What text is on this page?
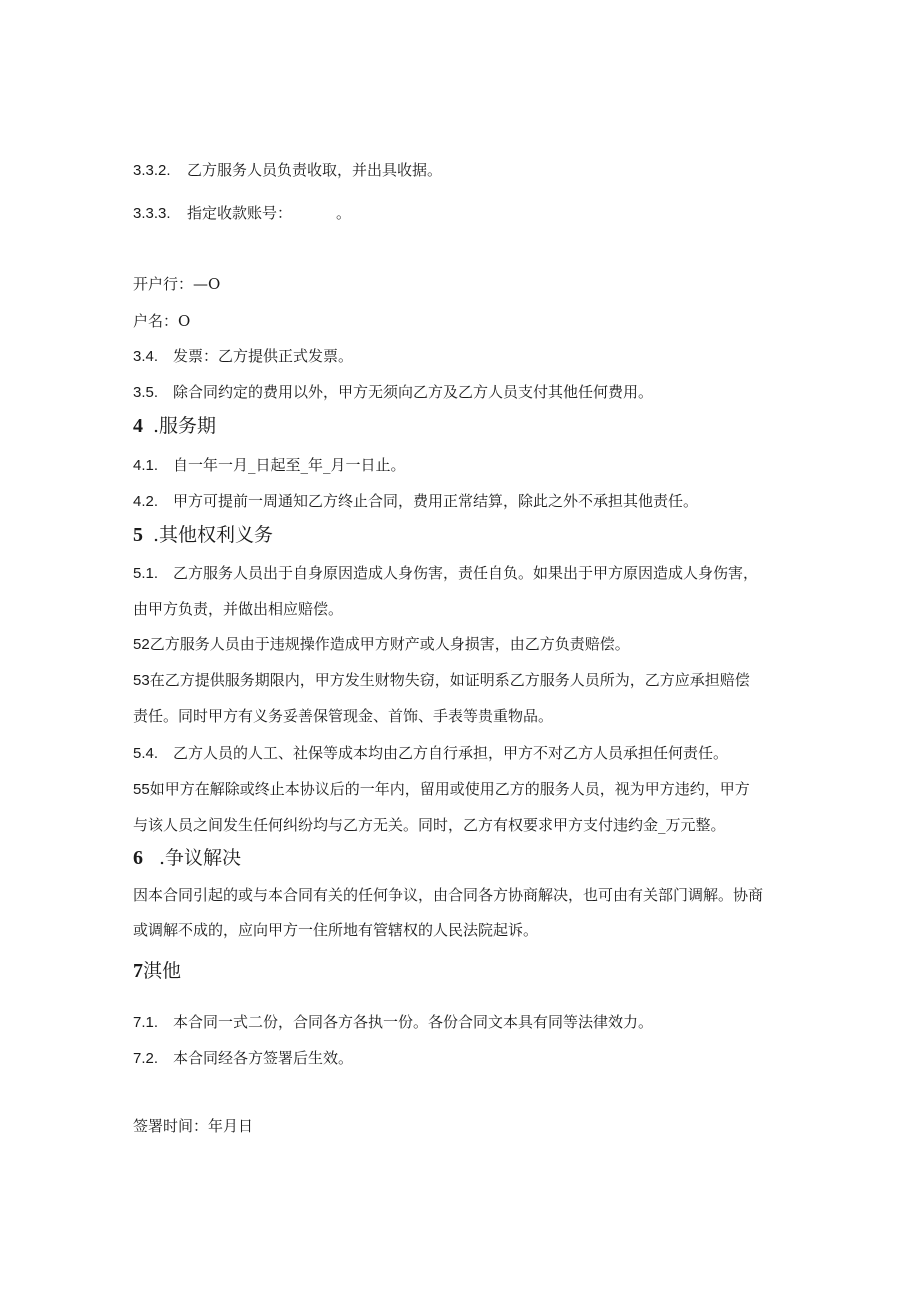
3.3.2. 乙方服务人员负责收取，并出具收据。
3.3.3. 指定收款账号：	。
开户行：—O
户名：O
3.4. 发票：乙方提供正式发票。
3.5. 除合同约定的费用以外，甲方无须向乙方及乙方人员支付其他任何费用。
4 .服务期
4.1. 自一年一月_日起至_年_月一日止。
4.2. 甲方可提前一周通知乙方终止合同，费用正常结算，除此之外不承担其他责任。
5 .其他权利义务
5.1. 乙方服务人员出于自身原因造成人身伤害，责任自负。如果出于甲方原因造成人身伤害，
由甲方负责，并做出相应赔偿。
52乙方服务人员由于违规操作造成甲方财产或人身损害，由乙方负责赔偿。
53在乙方提供服务期限内，甲方发生财物失窃，如证明系乙方服务人员所为，乙方应承担赔偿
责任。同时甲方有义务妥善保管现金、首饰、手表等贵重物品。
5.4. 乙方人员的人工、社保等成本均由乙方自行承担，甲方不对乙方人员承担任何责任。
55如甲方在解除或终止本协议后的一年内，留用或使用乙方的服务人员，视为甲方违约，甲方
与该人员之间发生任何纠纷均与乙方无关。同时，乙方有权要求甲方支付违约金_万元整。
6 .争议解决
因本合同引起的或与本合同有关的任何争议，由合同各方协商解决，也可由有关部门调解。协商
或调解不成的，应向甲方一住所地有管辖权的人民法院起诉。
7淇他
7.1. 本合同一式二份，合同各方各执一份。各份合同文本具有同等法律效力。
7.2. 本合同经各方签署后生效。
签署时间：年月日
